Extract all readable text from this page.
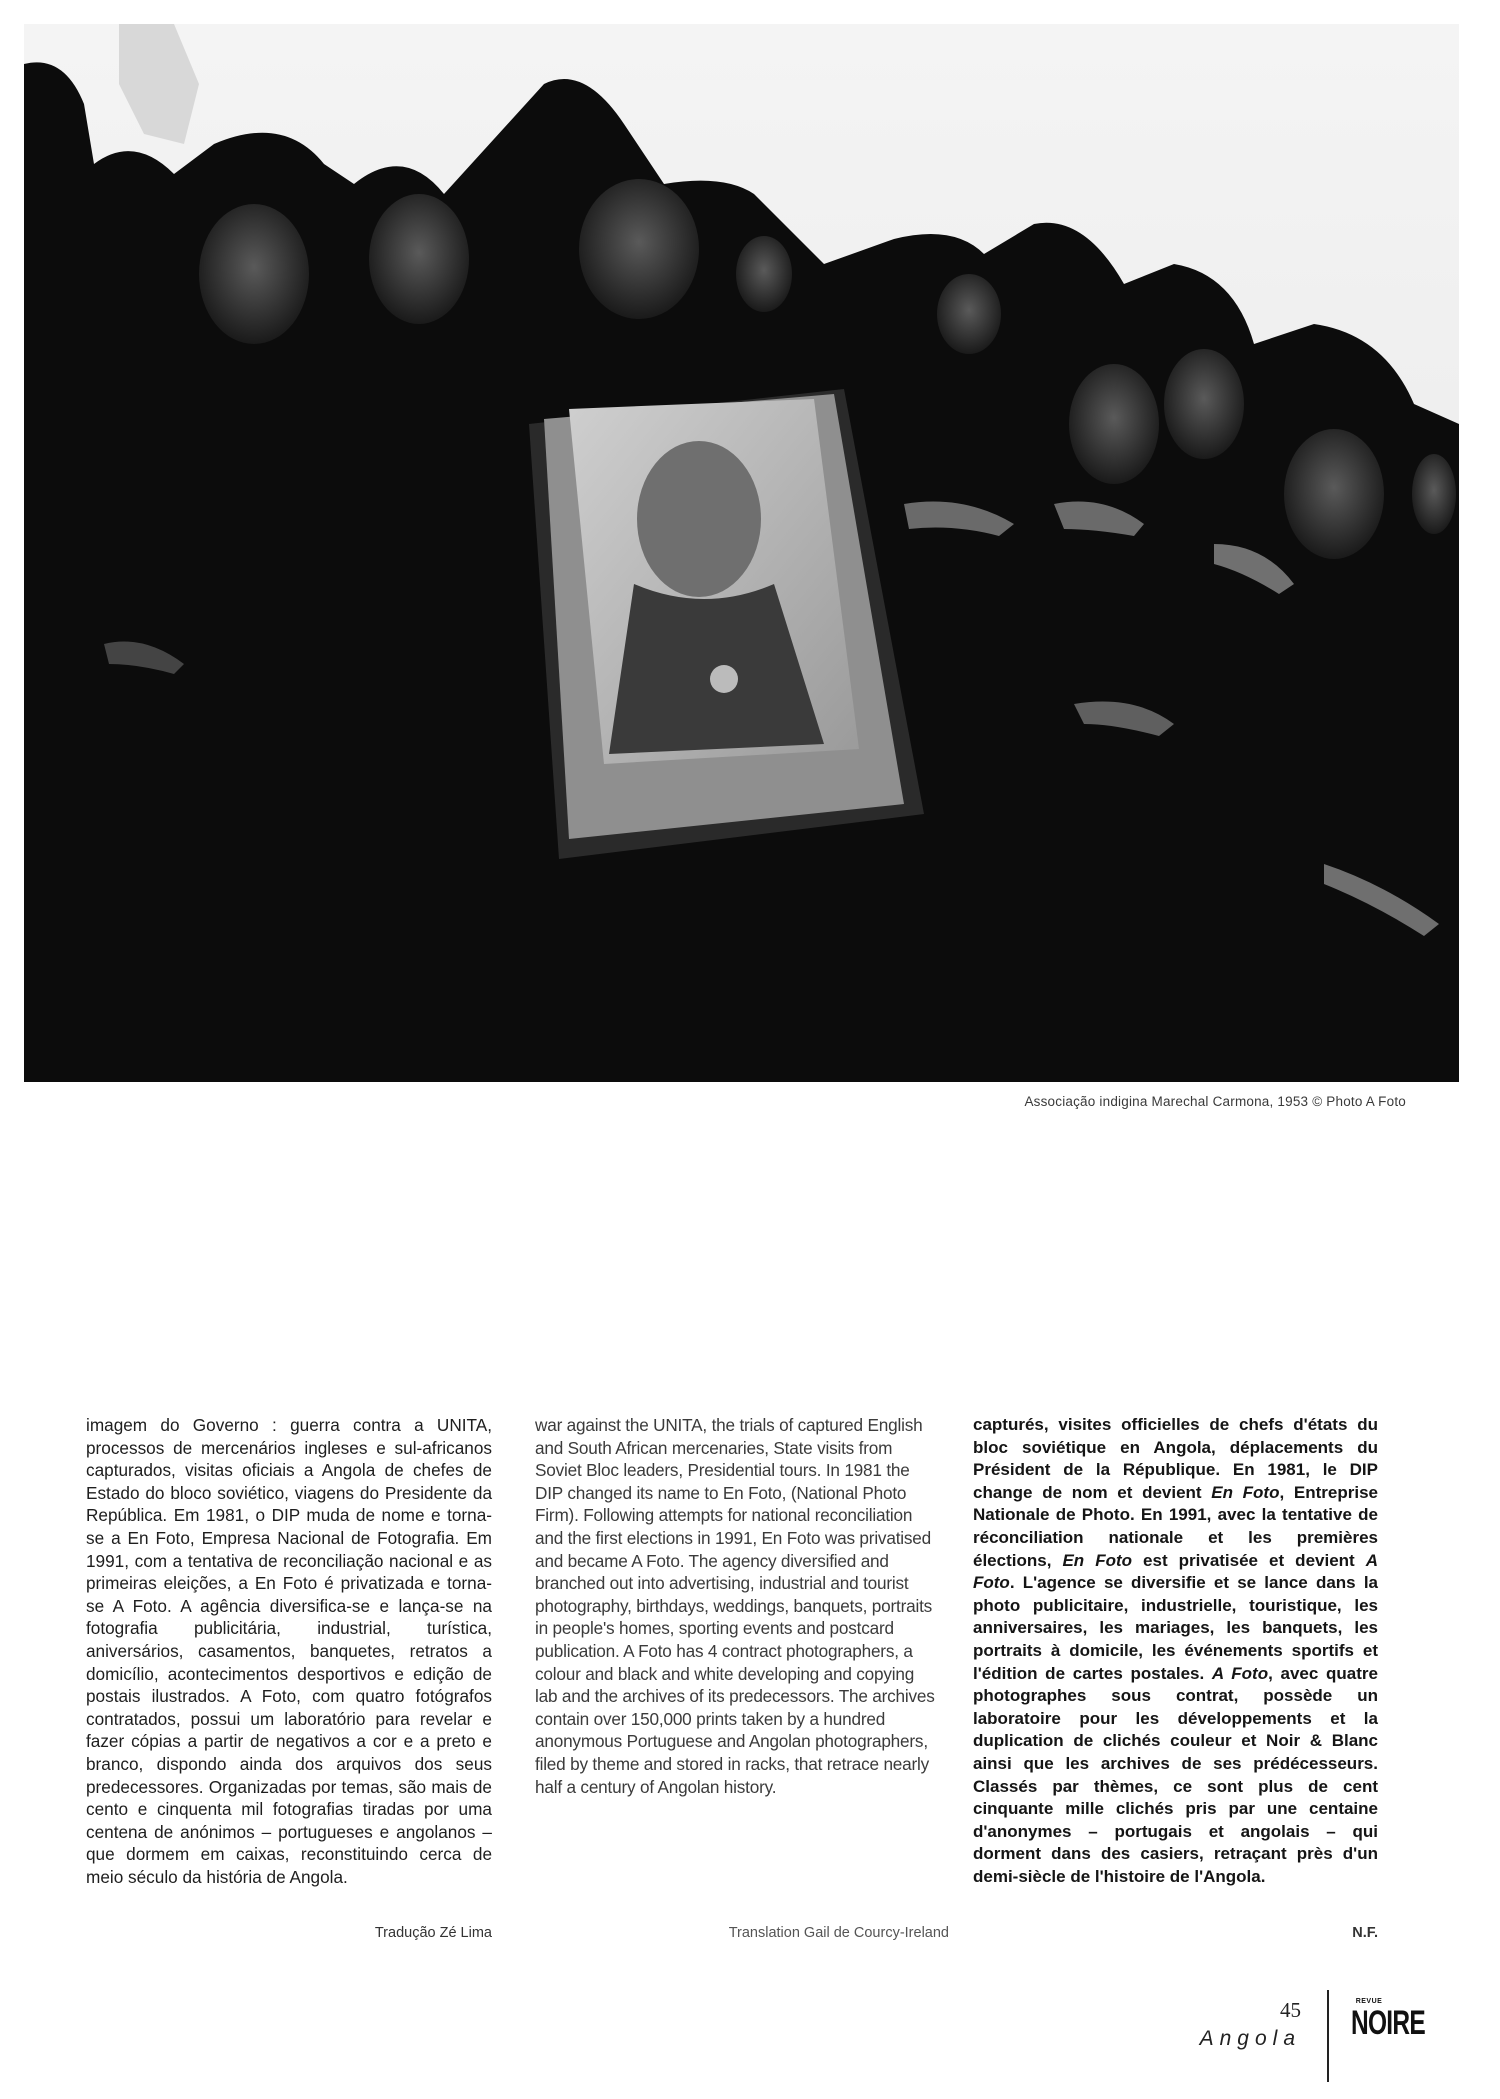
Associação indigina Marechal Carmona, 1953 © Photo A Foto

imagem do Governo : guerra contra a UNITA, processos de mercenários ingleses e sul-africanos capturados, visitas oficiais a Angola de chefes de Estado do bloco soviético, viagens do Presidente da República. Em 1981, o DIP muda de nome e torna-se a En Foto, Empresa Nacional de Fotografia. Em 1991, com a tentativa de reconciliação nacional e as primeiras eleições, a En Foto é privatizada e torna-se A Foto. A agência diversifica-se e lança-se na fotografia publicitária, industrial, turística, aniversários, casamentos, banquetes, retratos a domicílio, acontecimentos desportivos e edição de postais ilustrados. A Foto, com quatro fotógrafos contratados, possui um laboratório para revelar e fazer cópias a partir de negativos a cor e a preto e branco, dispondo ainda dos arquivos dos seus predecessores. Organizadas por temas, são mais de cento e cinquenta mil fotografias tiradas por uma centena de anónimos – portugueses e angolanos – que dormem em caixas, reconstituindo cerca de meio século da história de Angola.

war against the UNITA, the trials of captured English and South African mercenaries, State visits from Soviet Bloc leaders, Presidential tours. In 1981 the DIP changed its name to En Foto, (National Photo Firm). Following attempts for national reconciliation and the first elections in 1991, En Foto was privatised and became A Foto. The agency diversified and branched out into advertising, industrial and tourist photography, birthdays, weddings, banquets, portraits in people's homes, sporting events and postcard publication. A Foto has 4 contract photographers, a colour and black and white developing and copying lab and the archives of its predecessors. The archives contain over 150,000 prints taken by a hundred anonymous Portuguese and Angolan photographers, filed by theme and stored in racks, that retrace nearly half a century of Angolan history.

capturés, visites officielles de chefs d'états du bloc soviétique en Angola, déplacements du Président de la République. En 1981, le DIP change de nom et devient En Foto, Entreprise Nationale de Photo. En 1991, avec la tentative de réconciliation nationale et les premières élections, En Foto est privatisée et devient A Foto. L'agence se diversifie et se lance dans la photo publicitaire, industrielle, touristique, les anniversaires, les mariages, les banquets, les portraits à domicile, les événements sportifs et l'édition de cartes postales. A Foto, avec quatre photographes sous contrat, possède un laboratoire pour les développements et la duplication de clichés couleur et Noir & Blanc ainsi que les archives de ses prédécesseurs. Classés par thèmes, ce sont plus de cent cinquante mille clichés pris par une centaine d'anonymes – portugais et angolais – qui dorment dans des casiers, retraçant près d'un demi-siècle de l'histoire de l'Angola.

Tradução Zé Lima	Translation Gail de Courcy-Ireland	N.F.
45
Angola
REVUE
NOIRE
